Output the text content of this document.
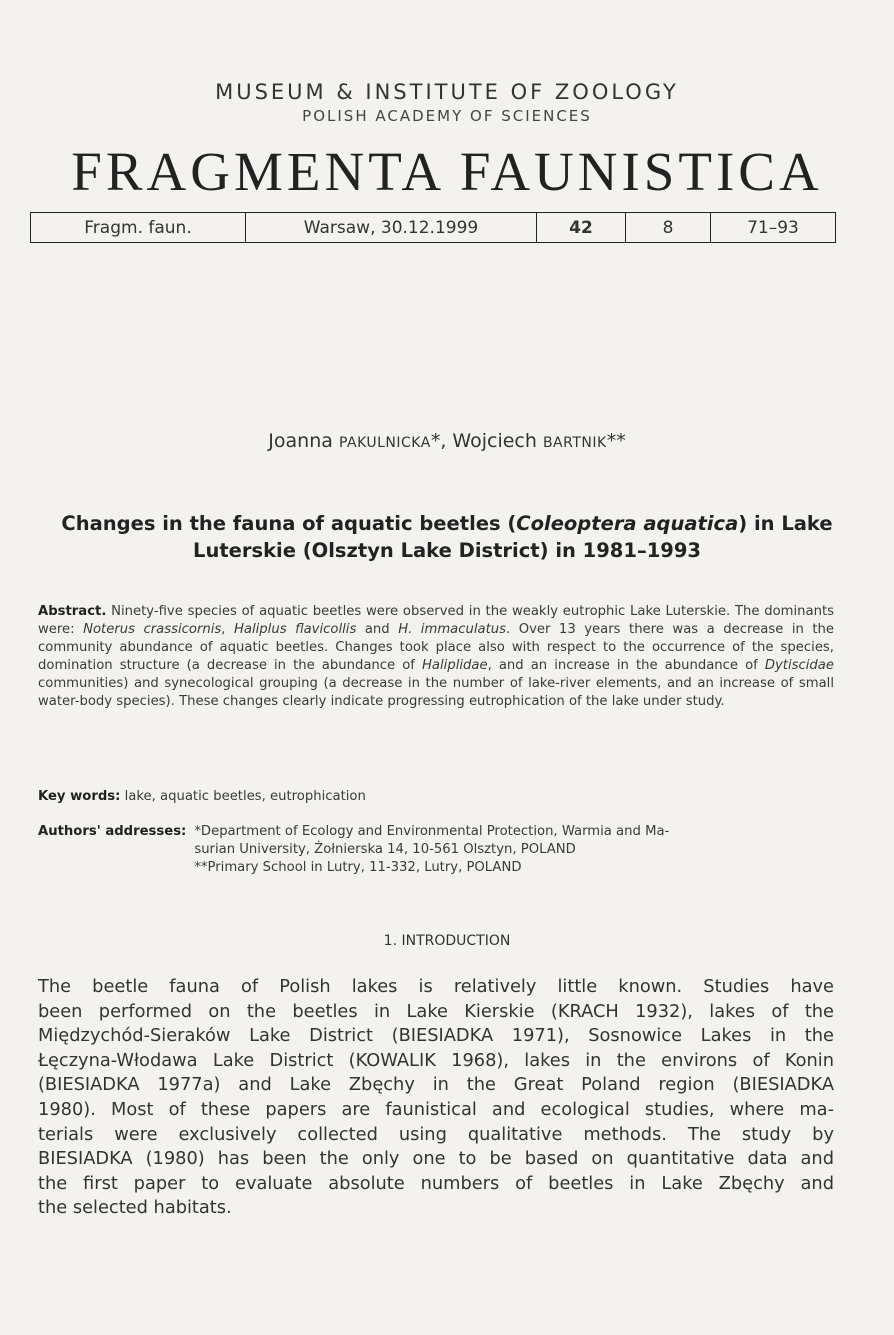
MUSEUM & INSTITUTE OF ZOOLOGY
POLISH ACADEMY OF SCIENCES
FRAGMENTA FAUNISTICA
Fragm. faun.	Warsaw, 30.12.1999	42	8	71–93
Joanna PAKULNICKA*, Wojciech BARTNIK**
Changes in the fauna of aquatic beetles (Coleoptera aquatica) in Lake
Luterskie (Olsztyn Lake District) in 1981–1993
Abstract. Ninety-five species of aquatic beetles were observed in the weakly eutrophic Lake Luterskie. The dominants were: Noterus crassicornis, Haliplus flavicollis and H. immaculatus. Over 13 years there was a decrease in the community abundance of aquatic beetles. Changes took place also with respect to the occurrence of the species, domination structure (a decrease in the abundance of Haliplidae, and an increase in the abundance of Dytiscidae communities) and synecological grouping (a decrease in the number of lake-river elements, and an increase of small water-body species). These changes clearly indicate progressing eutrophication of the lake under study.
Key words: lake, aquatic beetles, eutrophication
Authors' addresses: *Department of Ecology and Environmental Protection, Warmia and Ma-
surian University, Żołnierska 14, 10-561 Olsztyn, POLAND
**Primary School in Lutry, 11-332, Lutry, POLAND
1. INTRODUCTION
The beetle fauna of Polish lakes is relatively little known. Studies have
been performed on the beetles in Lake Kierskie (KRACH 1932), lakes of the
Międzychód-Sieraków Lake District (BIESIADKA 1971), Sosnowice Lakes in the
Łęczyna-Włodawa Lake District (KOWALIK 1968), lakes in the environs of Konin
(BIESIADKA 1977a) and Lake Zbęchy in the Great Poland region (BIESIADKA
1980). Most of these papers are faunistical and ecological studies, where ma-
terials were exclusively collected using qualitative methods. The study by
BIESIADKA (1980) has been the only one to be based on quantitative data and
the first paper to evaluate absolute numbers of beetles in Lake Zbęchy and
the selected habitats.
